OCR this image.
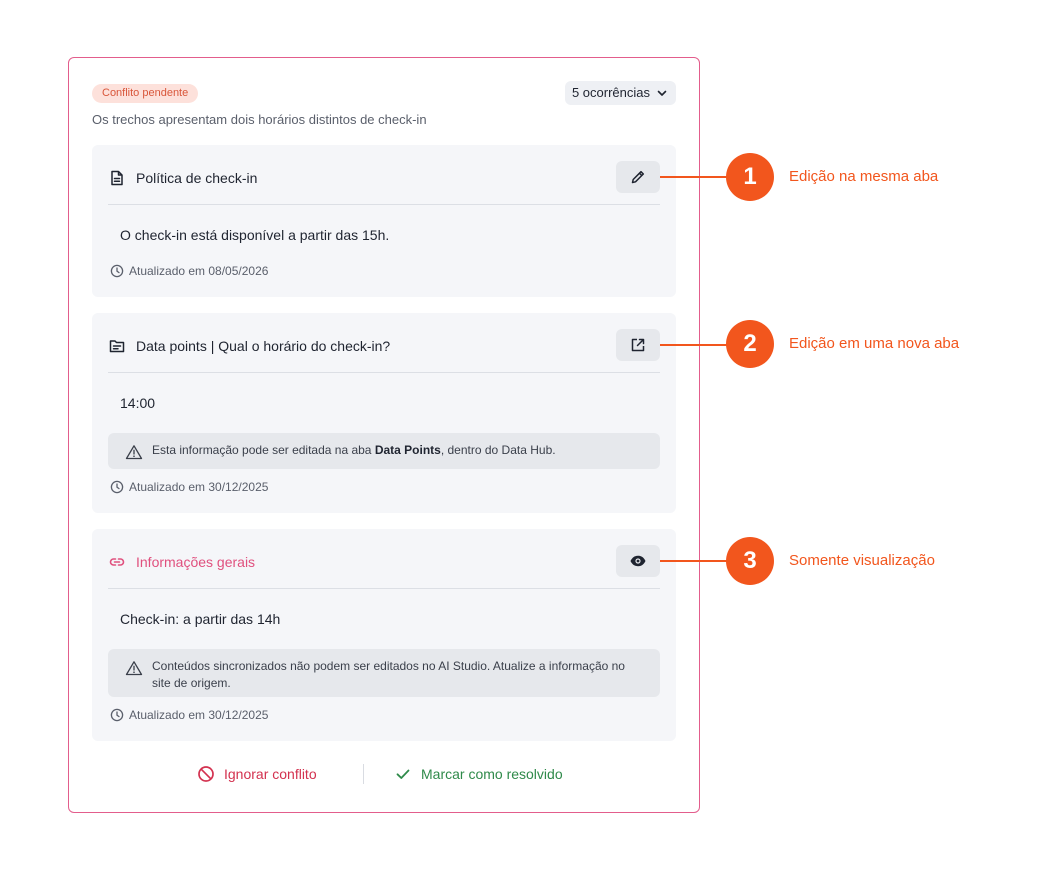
Conflito pendente	5 ocorrências
Os trechos apresentam dois horários distintos de check-in
Política de check-in
O check-in está disponível a partir das 15h.
Atualizado em 08/05/2026
Data points | Qual o horário do check-in?
14:00
Esta informação pode ser editada na aba Data Points, dentro do Data Hub.
Atualizado em 30/12/2025
Informações gerais
Check-in: a partir das 14h
Conteúdos sincronizados não podem ser editados no AI Studio. Atualize a informação no site de origem.
Atualizado em 30/12/2025
Ignorar conflito	Marcar como resolvido
1	Edição na mesma aba
2	Edição em uma nova aba
3	Somente visualização
